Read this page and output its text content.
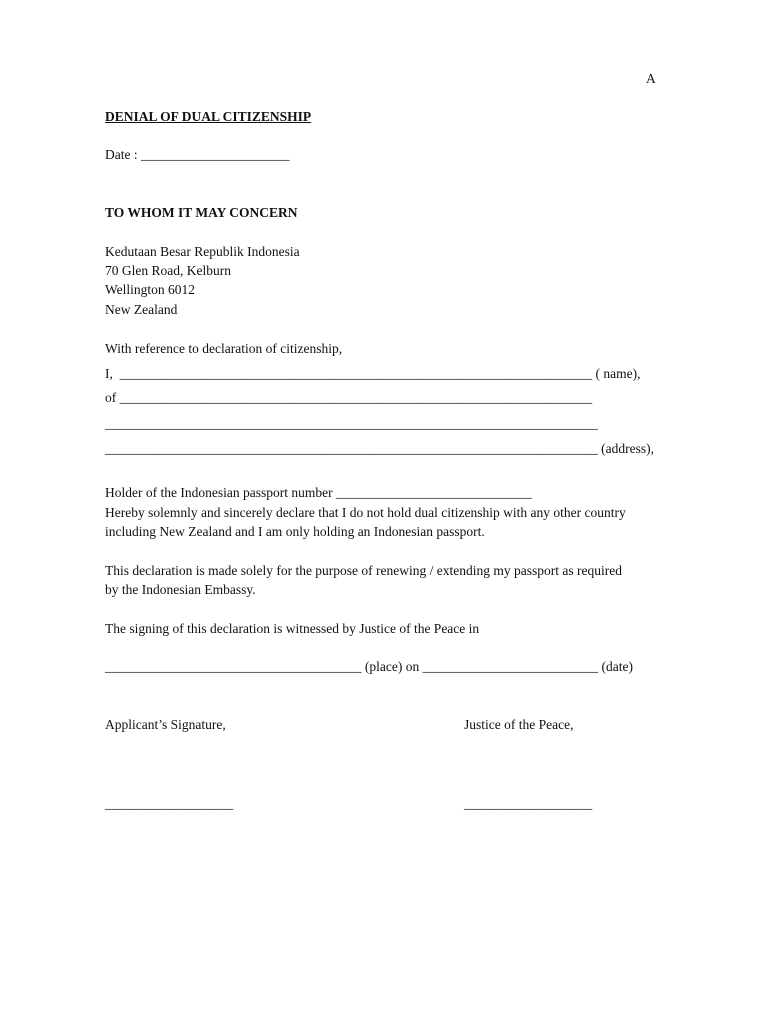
A
DENIAL OF DUAL CITIZENSHIP
Date : ______________________
TO WHOM IT MAY CONCERN
Kedutaan Besar Republik Indonesia
70 Glen Road, Kelburn
Wellington 6012
New Zealand
With reference to declaration of citizenship,
I,  ______________________________________________________________________ ( name),
of ______________________________________________________________________
_________________________________________________________________________
_________________________________________________________________________ (address),
Holder of the Indonesian passport number _____________________________
Hereby solemnly and sincerely declare that I do not hold dual citizenship with any other country
including New Zealand and I am only holding an Indonesian passport.
This declaration is made solely for the purpose of renewing / extending my passport as required
by the Indonesian Embassy.
The signing of this declaration is witnessed by Justice of the Peace in
______________________________________ (place) on __________________________ (date)
Applicant’s Signature,	Justice of the Peace,
___________________	___________________
